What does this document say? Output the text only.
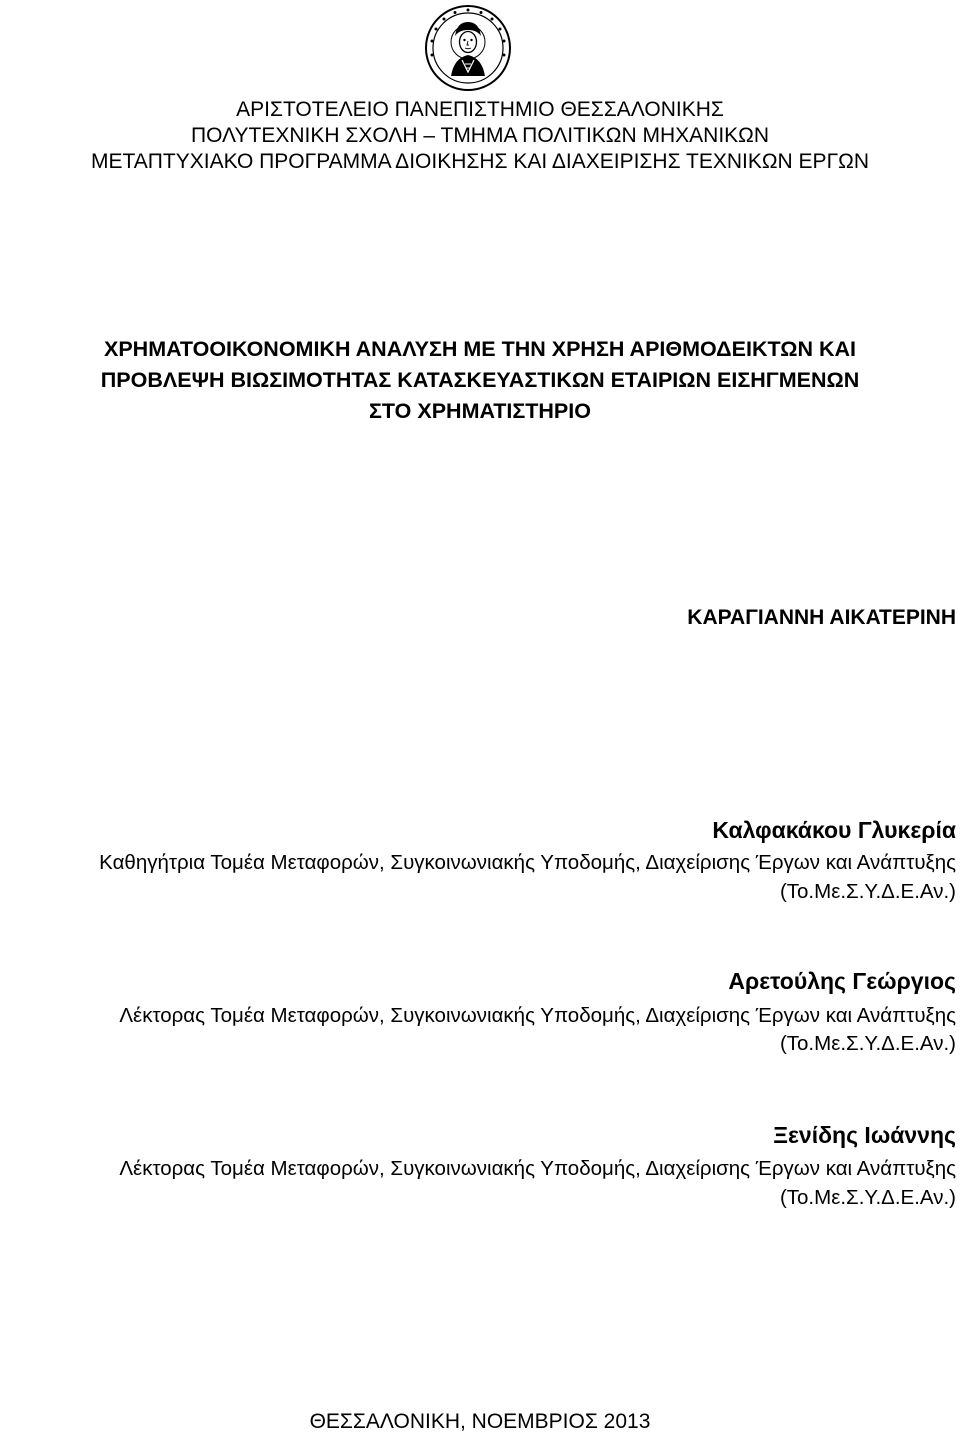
ΑΡΙΣΤΟΤΕΛΕΙΟ ΠΑΝΕΠΙΣΤΗΜΙΟ ΘΕΣΣΑΛΟΝΙΚΗΣ
ΠΟΛΥΤΕΧΝΙΚΗ ΣΧΟΛΗ – ΤΜΗΜΑ ΠΟΛΙΤΙΚΩΝ ΜΗΧΑΝΙΚΩΝ
ΜΕΤΑΠΤΥΧΙΑΚΟ ΠΡΟΓΡΑΜΜΑ ΔΙΟΙΚΗΣΗΣ ΚΑΙ ΔΙΑΧΕΙΡΙΣΗΣ ΤΕΧΝΙΚΩΝ ΕΡΓΩΝ
ΧΡΗΜΑΤΟΟΙΚΟΝΟΜΙΚΗ ΑΝΑΛΥΣΗ ΜΕ ΤΗΝ ΧΡΗΣΗ ΑΡΙΘΜΟΔΕΙΚΤΩΝ ΚΑΙ
ΠΡΟΒΛΕΨΗ ΒΙΩΣΙΜΟΤΗΤΑΣ ΚΑΤΑΣΚΕΥΑΣΤΙΚΩΝ ΕΤΑΙΡΙΩΝ ΕΙΣΗΓΜΕΝΩΝ
ΣΤΟ ΧΡΗΜΑΤΙΣΤΗΡΙΟ
ΚΑΡΑΓΙΑΝΝΗ ΑΙΚΑΤΕΡΙΝΗ
Καλφακάκου Γλυκερία
Καθηγήτρια Τομέα Μεταφορών, Συγκοινωνιακής Υποδομής, Διαχείρισης Έργων και Ανάπτυξης
(Το.Με.Σ.Υ.Δ.Ε.Αν.)
Αρετούλης Γεώργιος
Λέκτορας Τομέα Μεταφορών, Συγκοινωνιακής Υποδομής, Διαχείρισης Έργων και Ανάπτυξης
(Το.Με.Σ.Υ.Δ.Ε.Αν.)
Ξενίδης Ιωάννης
Λέκτορας Τομέα Μεταφορών, Συγκοινωνιακής Υποδομής, Διαχείρισης Έργων και Ανάπτυξης
(Το.Με.Σ.Υ.Δ.Ε.Αν.)
ΘΕΣΣΑΛΟΝΙΚΗ, ΝΟΕΜΒΡΙΟΣ 2013
